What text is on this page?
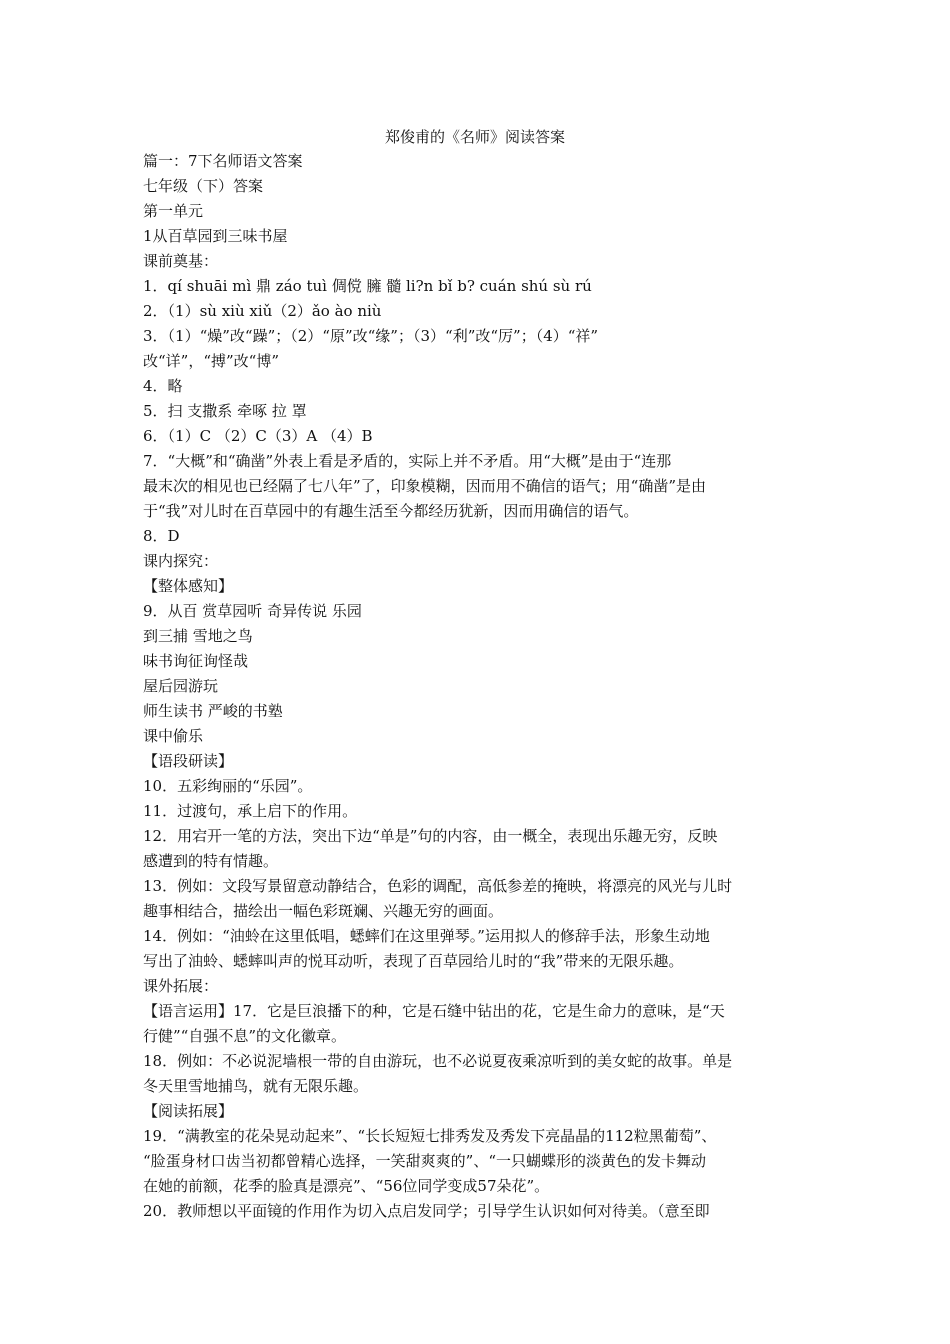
郑俊甫的《名师》阅读答案
篇一：7下名师语文答案
七年级（下）答案
第一单元
1从百草园到三味书屋
课前奠基：
1．qí shuāi mì 鼎 záo tuì 倜傥 臃 髓 li?n bǐ b? cuán shú sù rú
2．（1）sù xiù xiǔ（2）ǎo ào niù
3．（1）“燥”改“躁”；（2）“原”改“缘”；（3）“利”改“厉”；（4）“祥”
改“详”，“搏”改“博”
4．略
5．扫 支撒系 牵啄 拉 罩
6．（1）C （2）C（3）A （4）B
7．“大概”和“确凿”外表上看是矛盾的，实际上并不矛盾。用“大概”是由于“连那
最末次的相见也已经隔了七八年”了，印象模糊，因而用不确信的语气；用“确凿”是由
于“我”对儿时在百草园中的有趣生活至今都经历犹新，因而用确信的语气。
8．D
课内探究：
【整体感知】
9．从百 赏草园听 奇异传说 乐园
到三捕 雪地之鸟
味书询征询怪哉
屋后园游玩
师生读书 严峻的书塾
课中偷乐
【语段研读】
10．五彩绚丽的“乐园”。
11．过渡句，承上启下的作用。
12．用宕开一笔的方法，突出下边“单是”句的内容，由一概全，表现出乐趣无穷，反映
感遭到的特有情趣。
13．例如：文段写景留意动静结合，色彩的调配，高低参差的掩映，将漂亮的风光与儿时
趣事相结合，描绘出一幅色彩斑斓、兴趣无穷的画面。
14．例如：“油蛉在这里低唱，蟋蟀们在这里弹琴。”运用拟人的修辞手法，形象生动地
写出了油蛉、蟋蟀叫声的悦耳动听，表现了百草园给儿时的“我”带来的无限乐趣。
课外拓展：
【语言运用】17．它是巨浪播下的种，它是石缝中钻出的花，它是生命力的意味，是“天
行健”“自强不息”的文化徽章。
18．例如：不必说泥墙根一带的自由游玩，也不必说夏夜乘凉听到的美女蛇的故事。单是
冬天里雪地捕鸟，就有无限乐趣。
【阅读拓展】
19．“满教室的花朵晃动起来”、“长长短短七排秀发及秀发下亮晶晶的112粒黑葡萄”、
“脸蛋身材口齿当初都曾精心选择，一笑甜爽爽的”、“一只蝴蝶形的淡黄色的发卡舞动
在她的前额，花季的脸真是漂亮”、“56位同学变成57朵花”。
20．教师想以平面镜的作用作为切入点启发同学；引导学生认识如何对待美。（意至即
